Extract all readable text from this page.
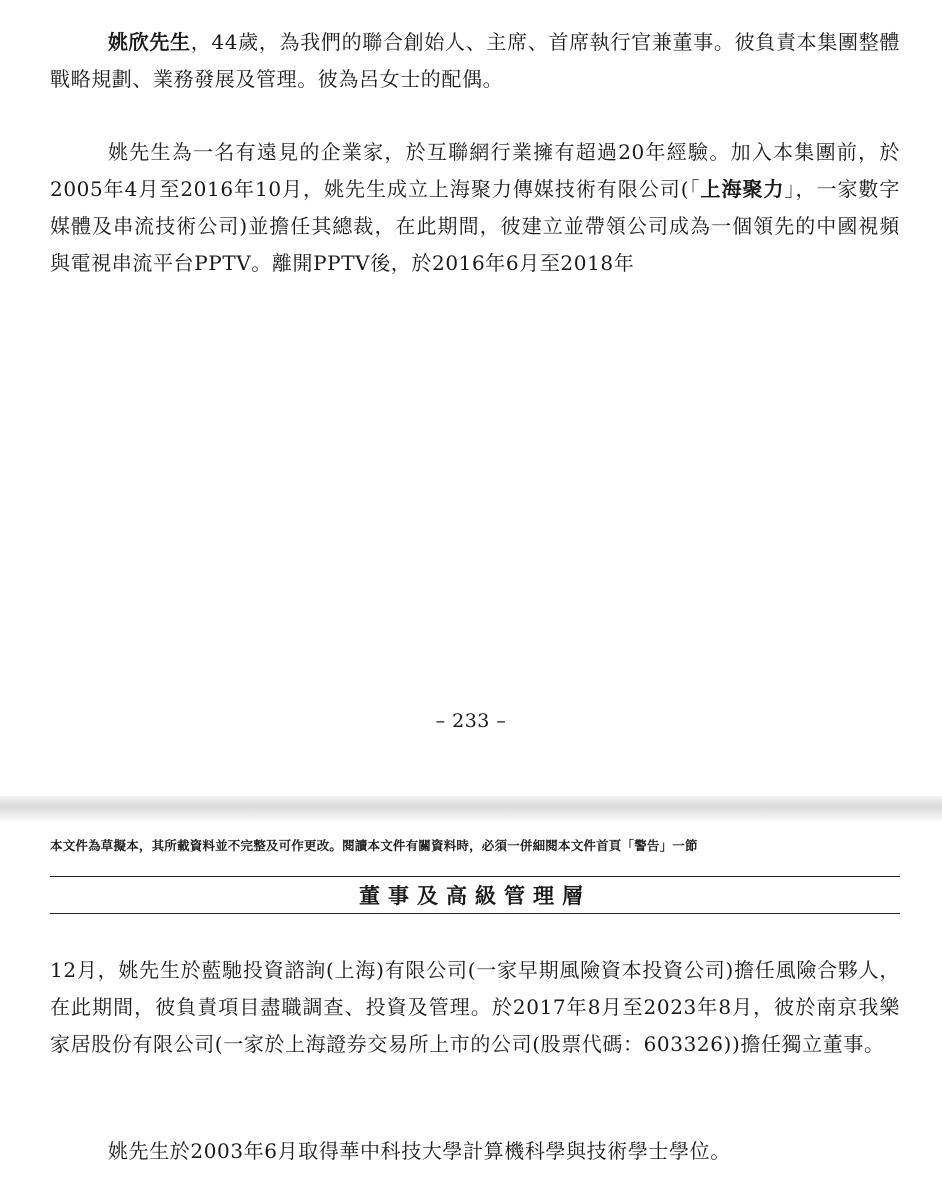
姚欣先生，44歲，為我們的聯合創始人、主席、首席執行官兼董事。彼負責本集團整體戰略規劃、業務發展及管理。彼為呂女士的配偶。

姚先生為一名有遠見的企業家，於互聯網行業擁有超過20年經驗。加入本集團前，於2005年4月至2016年10月，姚先生成立上海聚力傳媒技術有限公司(「上海聚力」，一家數字媒體及串流技術公司)並擔任其總裁，在此期間，彼建立並帶領公司成為一個領先的中國視頻與電視串流平台PPTV。離開PPTV後，於2016年6月至2018年

– 233 –
本文件為草擬本，其所載資料並不完整及可作更改。閱讀本文件有關資料時，必須一併細閱本文件首頁「警告」一節
董事及高級管理層

12月，姚先生於藍馳投資諮詢(上海)有限公司(一家早期風險資本投資公司)擔任風險合夥人，在此期間，彼負責項目盡職調查、投資及管理。於2017年8月至2023年8月，彼於南京我樂家居股份有限公司(一家於上海證券交易所上市的公司(股票代碼：603326))擔任獨立董事。

姚先生於2003年6月取得華中科技大學計算機科學與技術學士學位。
